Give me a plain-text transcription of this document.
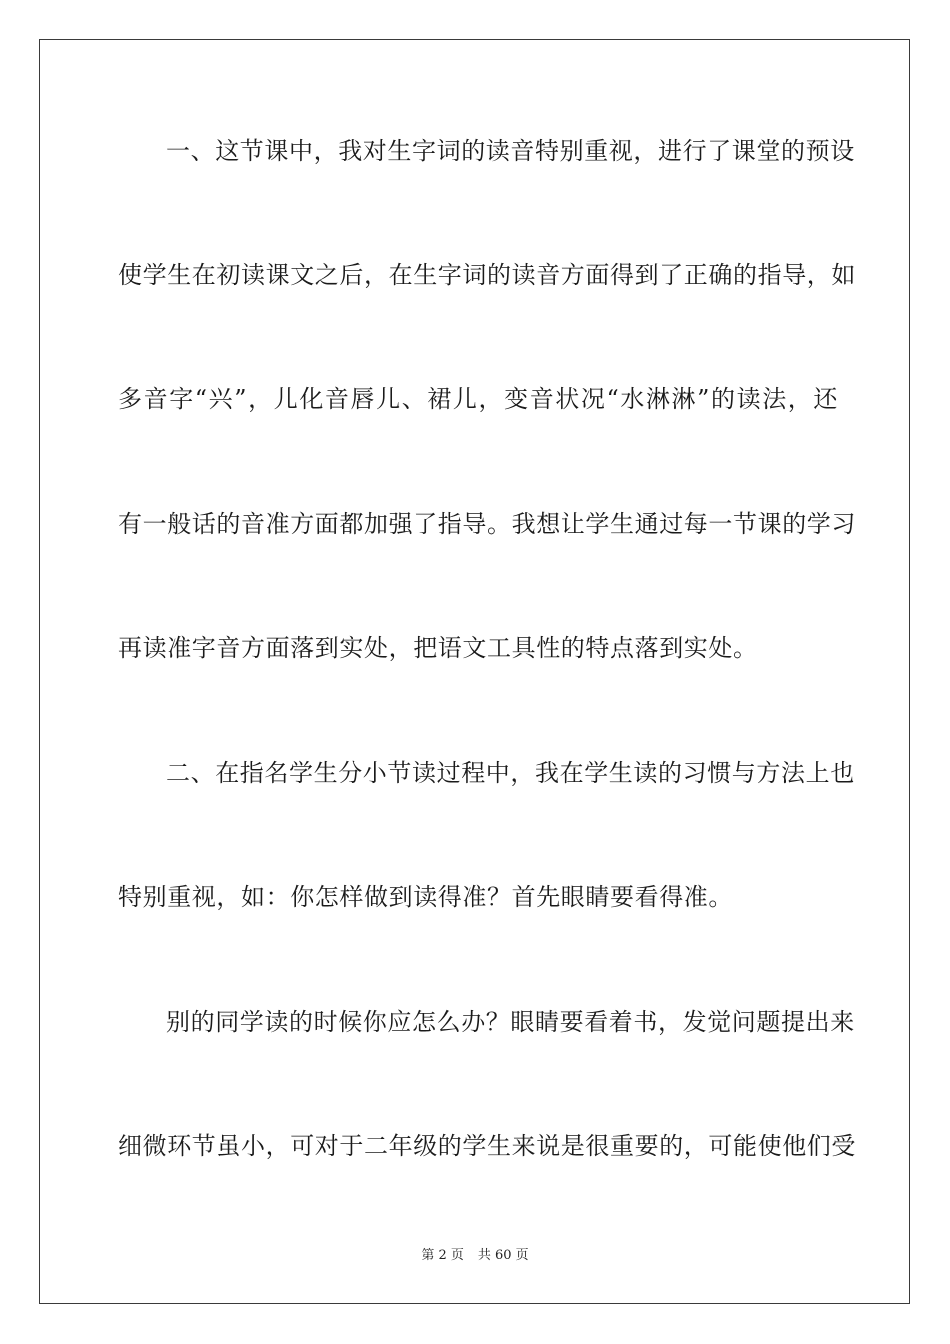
一、这节课中，我对生字词的读音特别重视，进行了课堂的预设
使学生在初读课文之后，在生字词的读音方面得到了正确的指导，如
多音字“兴”，儿化音唇儿、裙儿，变音状况“水淋淋”的读法，还
有一般话的音准方面都加强了指导。我想让学生通过每一节课的学习
再读准字音方面落到实处，把语文工具性的特点落到实处。
二、在指名学生分小节读过程中，我在学生读的习惯与方法上也
特别重视，如：你怎样做到读得准？首先眼睛要看得准。
别的同学读的时候你应怎么办？眼睛要看着书，发觉问题提出来
细微环节虽小，可对于二年级的学生来说是很重要的，可能使他们受
第 2 页 共 60 页
